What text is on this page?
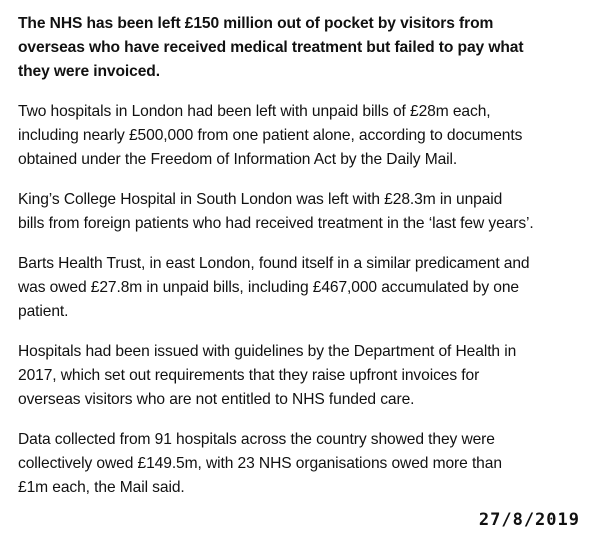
The NHS has been left £150 million out of pocket by visitors from
overseas who have received medical treatment but failed to pay what
they were invoiced.

Two hospitals in London had been left with unpaid bills of £28m each,
including nearly £500,000 from one patient alone, according to documents
obtained under the Freedom of Information Act by the Daily Mail.

King’s College Hospital in South London was left with £28.3m in unpaid
bills from foreign patients who had received treatment in the ‘last few years’.

Barts Health Trust, in east London, found itself in a similar predicament and
was owed £27.8m in unpaid bills, including £467,000 accumulated by one
patient.

Hospitals had been issued with guidelines by the Department of Health in
2017, which set out requirements that they raise upfront invoices for
overseas visitors who are not entitled to NHS funded care.

Data collected from 91 hospitals across the country showed they were
collectively owed £149.5m, with 23 NHS organisations owed more than
£1m each, the Mail said.

27/8/2019
